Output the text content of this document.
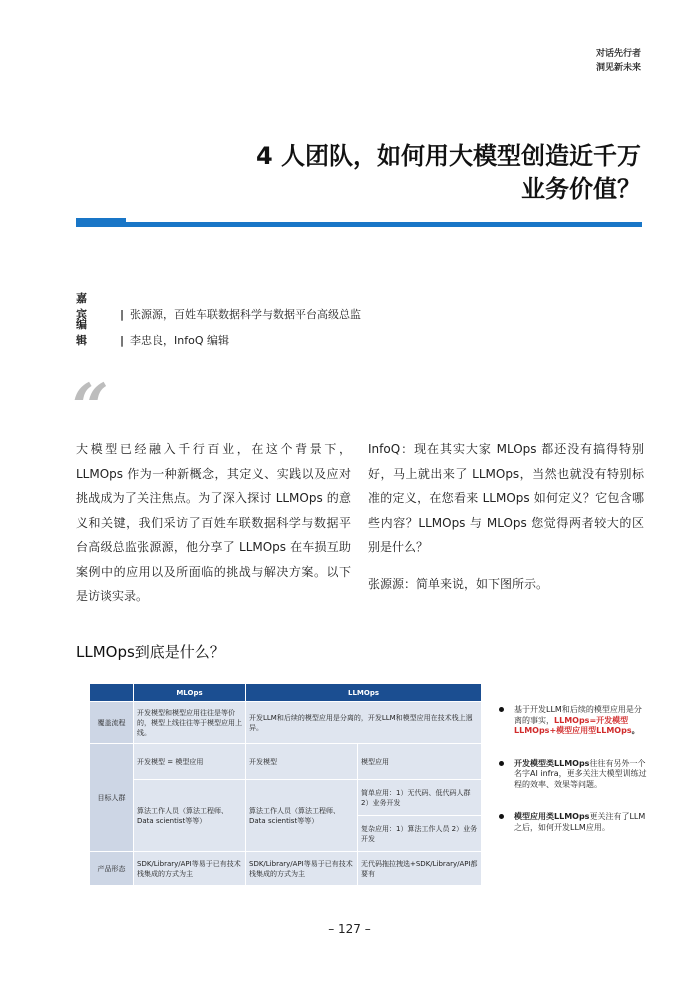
对话先行者
洞见新未来
4 人团队，如何用大模型创造近千万
业务价值？
嘉宾 | 张源源，百姓车联数据科学与数据平台高级总监
编辑 | 李忠良，InfoQ 编辑
“

大模型已经融入千行百业，在这个背景下，LLMOps 作为一种新概念，其定义、实践以及应对挑战成为了关注焦点。为了深入探讨 LLMOps 的意义和关键，我们采访了百姓车联数据科学与数据平台高级总监张源源，他分享了 LLMOps 在车损互助案例中的应用以及所面临的挑战与解决方案。以下是访谈实录。

InfoQ：现在其实大家 MLOps 都还没有搞得特别好，马上就出来了 LLMOps，当然也就没有特别标准的定义，在您看来 LLMOps 如何定义？它包含哪些内容？LLMOps 与 MLOps 您觉得两者较大的区别是什么？

张源源：简单来说，如下图所示。

LLMOps到底是什么？
	MLOps	LLMOps	
覆盖流程	开发模型和模型应用往往是等价的，模型上线往往等于模型应用上线。	开发LLM和后续的模型应用是分离的，开发LLM和模型应用在技术栈上迥异。	
目标人群	开发模型 = 模型应用	开发模型	模型应用
	算法工作人员（算法工程师、Data scientist等等）	算法工作人员（算法工程师、Data scientist等等）	简单应用：1）无代码、低代码人群 2）业务开发
			复杂应用：1）算法工作人员 2）业务开发
产品形态	SDK/Library/API等易于已有技术栈集成的方式为主	SDK/Library/API等易于已有技术栈集成的方式为主	无代码拖拉拽选+SDK/Library/API都要有
基于开发LLM和后续的模型应用是分离的事实，LLMOps=开发模型LLMOps+模型应用型LLMOps。
开发模型类LLMOps往往有另外一个名字AI infra，更多关注大模型训练过程的效率、效果等问题。
模型应用类LLMOps更关注有了LLM之后，如何开发LLM应用。
– 127 –
